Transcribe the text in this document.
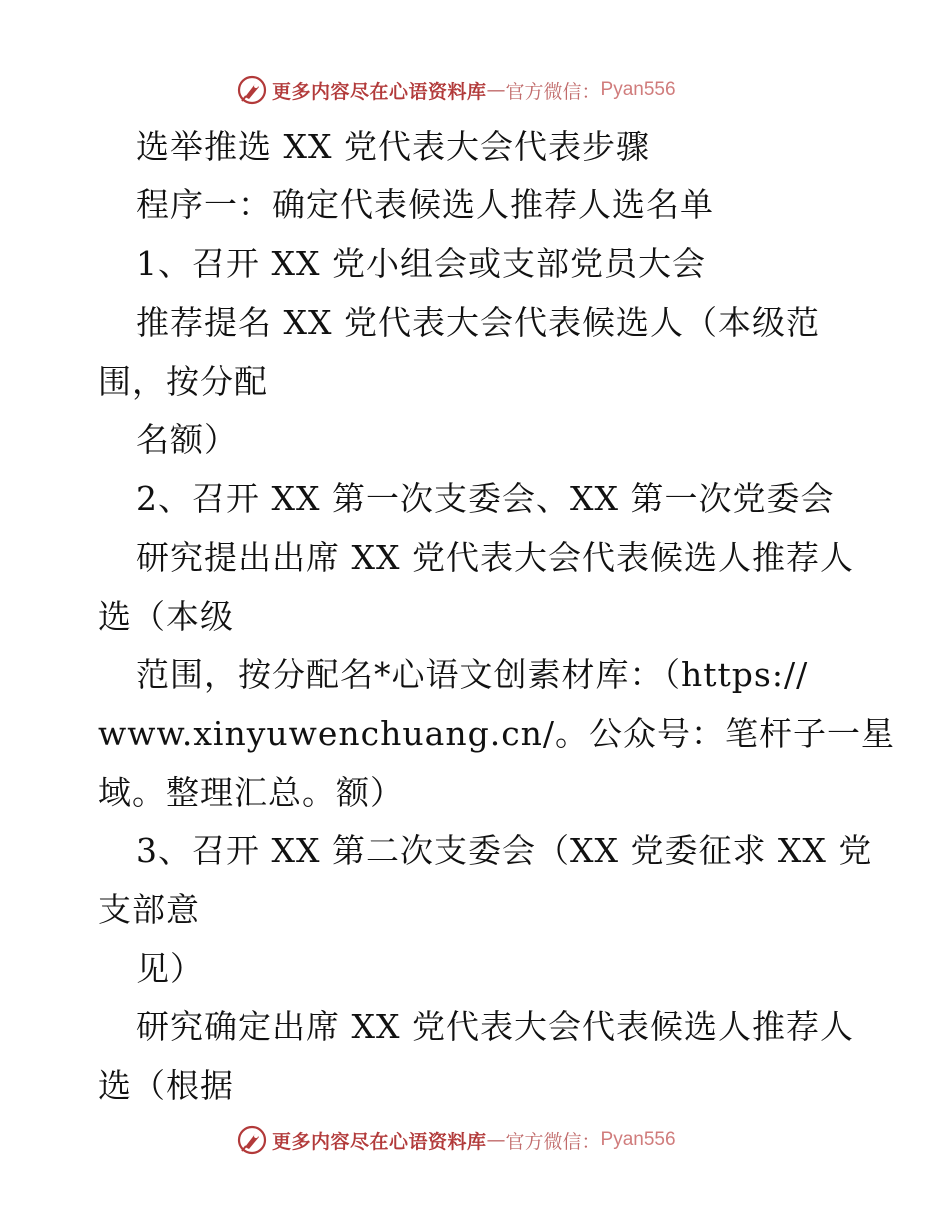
更多内容尽在心语资料库 — 官方微信： Pyan556
选举推选 XX 党代表大会代表步骤
程序一：确定代表候选人推荐人选名单
1、召开 XX 党小组会或支部党员大会
推荐提名 XX 党代表大会代表候选人（本级范
围，按分配
名额）
2、召开 XX 第一次支委会、XX 第一次党委会
研究提出出席 XX 党代表大会代表候选人推荐人
选（本级
范围，按分配名*心语文创素材库：（https://
www.xinyuwenchuang.cn/。公众号：笔杆子一星
域。整理汇总。额）
3、召开 XX 第二次支委会（XX 党委征求 XX 党
支部意
见）
研究确定出席 XX 党代表大会代表候选人推荐人
选（根据
更多内容尽在心语资料库 — 官方微信： Pyan556
